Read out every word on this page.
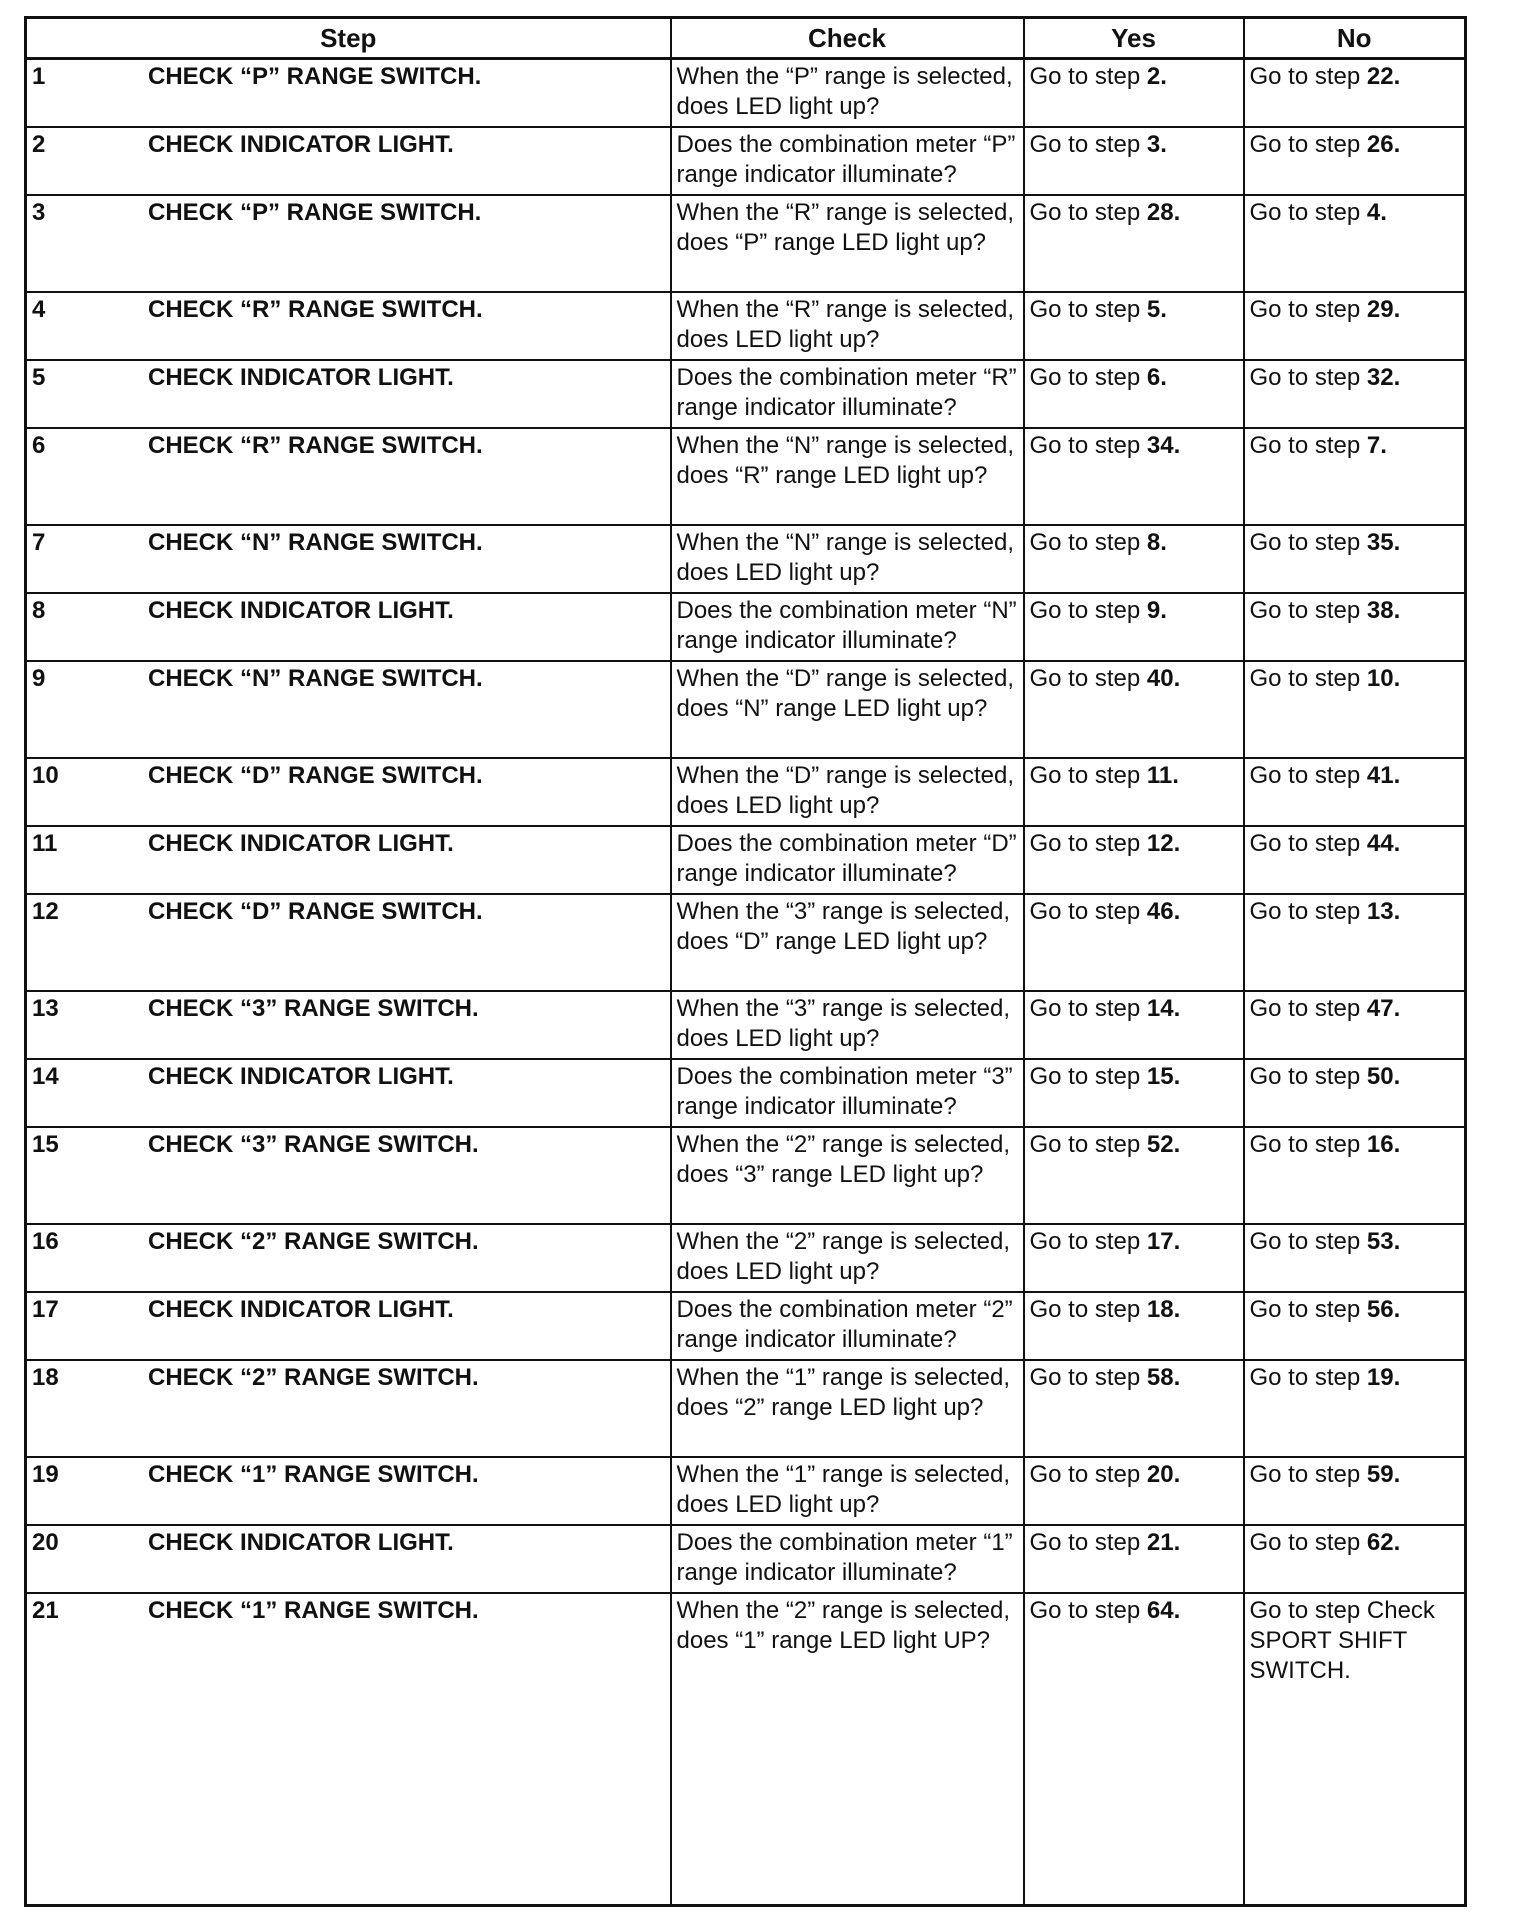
Step	Check	Yes	No
1 CHECK “P” RANGE SWITCH.	When the “P” range is selected, does LED light up?	Go to step 2.	Go to step 22.
2 CHECK INDICATOR LIGHT.	Does the combination meter “P” range indicator illuminate?	Go to step 3.	Go to step 26.
3 CHECK “P” RANGE SWITCH.	When the “R” range is selected, does “P” range LED light up?	Go to step 28.	Go to step 4.
4 CHECK “R” RANGE SWITCH.	When the “R” range is selected, does LED light up?	Go to step 5.	Go to step 29.
5 CHECK INDICATOR LIGHT.	Does the combination meter “R” range indicator illuminate?	Go to step 6.	Go to step 32.
6 CHECK “R” RANGE SWITCH.	When the “N” range is selected, does “R” range LED light up?	Go to step 34.	Go to step 7.
7 CHECK “N” RANGE SWITCH.	When the “N” range is selected, does LED light up?	Go to step 8.	Go to step 35.
8 CHECK INDICATOR LIGHT.	Does the combination meter “N” range indicator illuminate?	Go to step 9.	Go to step 38.
9 CHECK “N” RANGE SWITCH.	When the “D” range is selected, does “N” range LED light up?	Go to step 40.	Go to step 10.
10 CHECK “D” RANGE SWITCH.	When the “D” range is selected, does LED light up?	Go to step 11.	Go to step 41.
11 CHECK INDICATOR LIGHT.	Does the combination meter “D” range indicator illuminate?	Go to step 12.	Go to step 44.
12 CHECK “D” RANGE SWITCH.	When the “3” range is selected, does “D” range LED light up?	Go to step 46.	Go to step 13.
13 CHECK “3” RANGE SWITCH.	When the “3” range is selected, does LED light up?	Go to step 14.	Go to step 47.
14 CHECK INDICATOR LIGHT.	Does the combination meter “3” range indicator illuminate?	Go to step 15.	Go to step 50.
15 CHECK “3” RANGE SWITCH.	When the “2” range is selected, does “3” range LED light up?	Go to step 52.	Go to step 16.
16 CHECK “2” RANGE SWITCH.	When the “2” range is selected, does LED light up?	Go to step 17.	Go to step 53.
17 CHECK INDICATOR LIGHT.	Does the combination meter “2” range indicator illuminate?	Go to step 18.	Go to step 56.
18 CHECK “2” RANGE SWITCH.	When the “1” range is selected, does “2” range LED light up?	Go to step 58.	Go to step 19.
19 CHECK “1” RANGE SWITCH.	When the “1” range is selected, does LED light up?	Go to step 20.	Go to step 59.
20 CHECK INDICATOR LIGHT.	Does the combination meter “1” range indicator illuminate?	Go to step 21.	Go to step 62.
21 CHECK “1” RANGE SWITCH.	When the “2” range is selected, does “1” range LED light UP?	Go to step 64.	Go to step Check SPORT SHIFT SWITCH.
